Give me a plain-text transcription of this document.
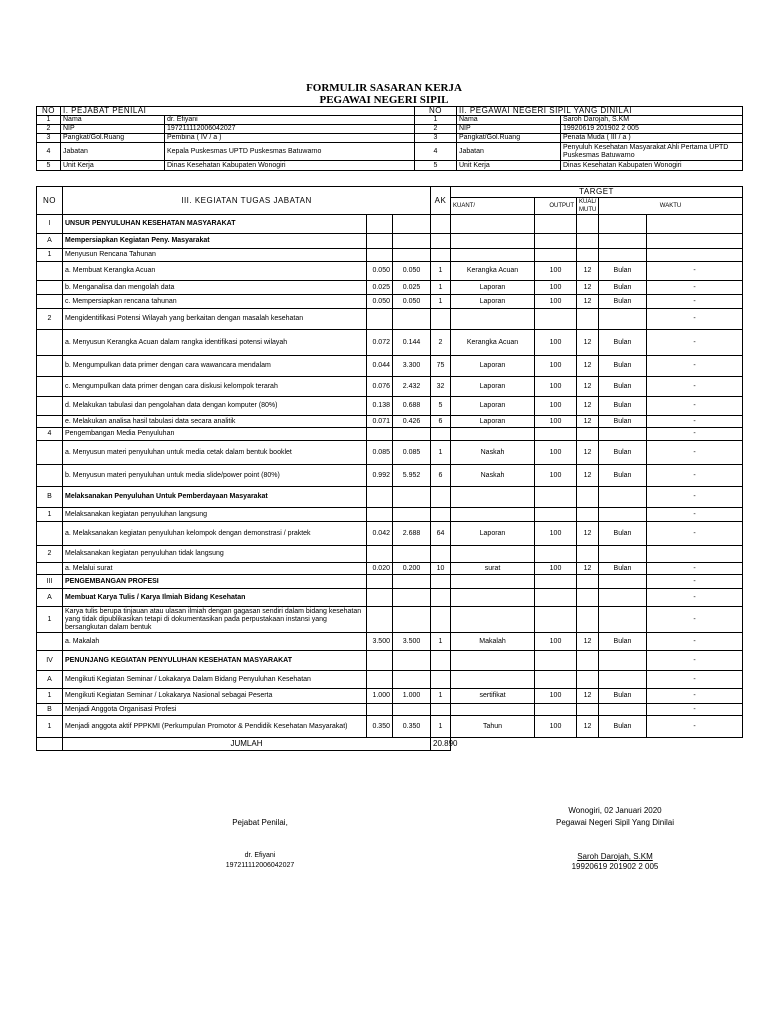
FORMULIR SASARAN KERJA
PEGAWAI NEGERI SIPIL
NO	I. PEJABAT PENILAI		NO	II. PEGAWAI NEGERI SIPIL YANG DINILAI	
1	Nama	dr. Efiyani	1	Nama	Saroh Darojah, S.KM
2	NIP	197211112006042027	2	NIP	19920619 201902 2 005
3	Pangkat/Gol.Ruang	Pembina ( IV / a )	3	Pangkat/Gol.Ruang	Penata Muda ( III / a )
4	Jabatan	Kepala Puskesmas UPTD Puskesmas Batuwarno	4	Jabatan	Penyuluh Kesehatan Masyarakat Ahli Pertama UPTD Puskesmas Batuwarno
5	Unit Kerja	Dinas Kesehatan Kabupaten Wonogiri	5	Unit Kerja	Dinas Kesehatan Kabupaten Wonogiri
NO	III. KEGIATAN TUGAS JABATAN			AK	TARGET					
					KUANT/	OUTPUT	KUAL/ MUTU	WAKTU	
I	UNSUR PENYULUHAN KESEHATAN MASYARAKAT									
A	Mempersiapkan Kegiatan Peny. Masyarakat									
1	Menyusun Rencana Tahunan									
	a. Membuat Kerangka Acuan	0.050	0.050	1	Kerangka Acuan	100	12	Bulan	-	
	b. Menganalisa dan mengolah data	0.025	0.025	1	Laporan	100	12	Bulan	-	
	c. Mempersiapkan rencana tahunan	0.050	0.050	1	Laporan	100	12	Bulan	-	
2	Mengidentifikasi Potensi Wilayah yang berkaitan dengan masalah kesehatan								-	
	a. Menyusun Kerangka Acuan dalam rangka identifikasi potensi wilayah	0.072	0.144	2	Kerangka Acuan	100	12	Bulan	-	
	b. Mengumpulkan data primer dengan cara wawancara mendalam	0.044	3.300	75	Laporan	100	12	Bulan	-	
	c. Mengumpulkan data primer dengan cara diskusi kelompok terarah	0.076	2.432	32	Laporan	100	12	Bulan	-	
	d. Melakukan tabulasi dan pengolahan data dengan komputer (80%)	0.138	0.688	5	Laporan	100	12	Bulan	-	
	e. Melakukan analisa hasil tabulasi data secara analitik	0.071	0.426	6	Laporan	100	12	Bulan	-	
4	Pengembangan Media Penyuluhan								-	
	a. Menyusun materi penyuluhan untuk media cetak dalam bentuk booklet	0.085	0.085	1	Naskah	100	12	Bulan	-	
	b. Menyusun materi penyuluhan untuk media slide/power point (80%)	0.992	5.952	6	Naskah	100	12	Bulan	-	
B	Melaksanakan Penyuluhan Untuk Pemberdayaan Masyarakat								-	
1	Melaksanakan kegiatan penyuluhan langsung								-	
	a. Melaksanakan kegiatan penyuluhan kelompok dengan demonstrasi / praktek	0.042	2.688	64	Laporan	100	12	Bulan	-	
2	Melaksanakan kegiatan penyuluhan tidak langsung									
	a. Melalui surat	0.020	0.200	10	surat	100	12	Bulan	-	
III	PENGEMBANGAN PROFESI								-	
A	Membuat Karya Tulis / Karya Ilmiah Bidang Kesehatan								-	
1	Karya tulis berupa tinjauan atau ulasan ilmiah dengan gagasan sendiri dalam bidang kesehatan yang tidak dipublikasikan tetapi di dokumentasikan pada perpustakaan instansi yang bersangkutan dalam bentuk								-	
	a. Makalah	3.500	3.500	1	Makalah	100	12	Bulan	-	
IV	PENUNJANG KEGIATAN PENYULUHAN KESEHATAN MASYARAKAT								-	
A	Mengikuti Kegiatan Seminar / Lokakarya Dalam Bidang Penyuluhan Kesehatan								-	
1	Mengikuti Kegiatan Seminar / Lokakarya Nasional sebagai Peserta	1.000	1.000	1	sertifikat	100	12	Bulan	-	
B	Menjadi Anggota Organisasi Profesi								-	
1	Menjadi anggota aktif PPPKMI (Perkumpulan Promotor & Pendidik Kesehatan Masyarakat)	0.350	0.350	1	Tahun	100	12	Bulan	-	
	JUMLAH			20.890						
Wonogiri, 02 Januari 2020
Pejabat Penilai,	Pegawai Negeri Sipil Yang Dinilai
dr. Efiyani
197211112006042027
Saroh Darojah, S.KM
19920619 201902 2 005
